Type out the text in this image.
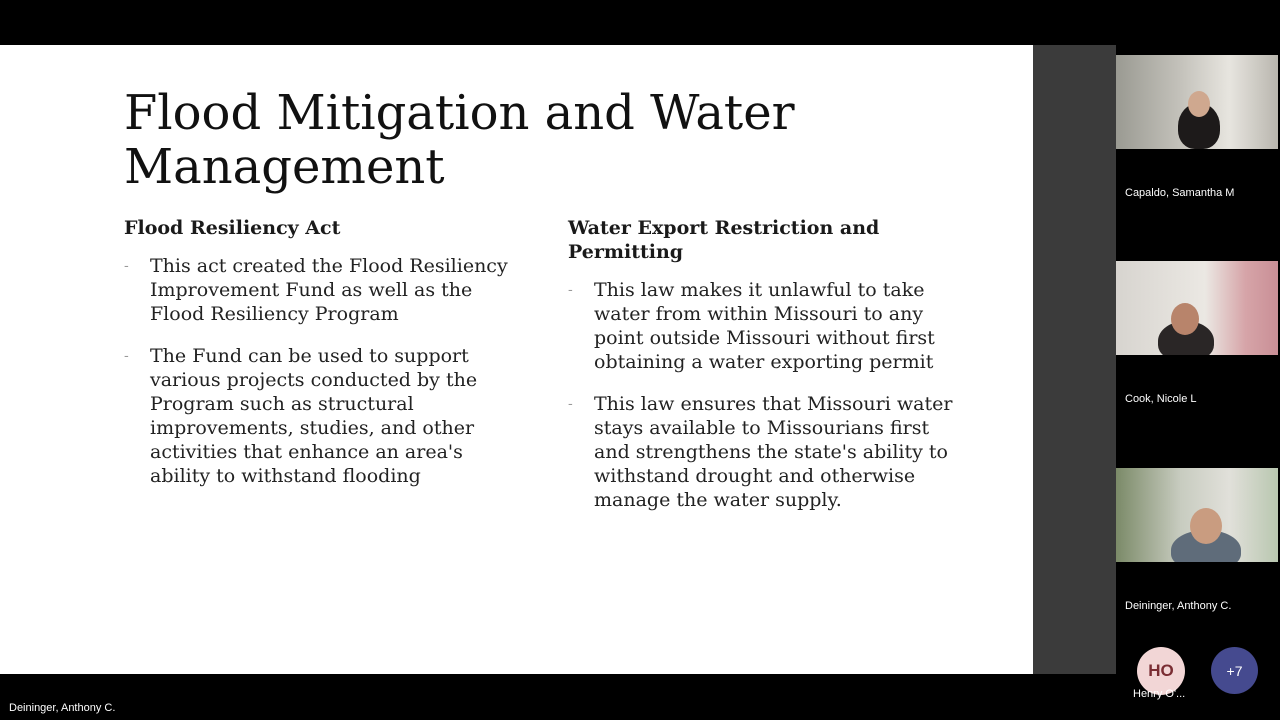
Flood Mitigation and Water Management
Flood Resiliency Act
- This act created the Flood Resiliency Improvement Fund as well as the Flood Resiliency Program
- The Fund can be used to support various projects conducted by the Program such as structural improvements, studies, and other activities that enhance an area's ability to withstand flooding
Water Export Restriction and Permitting
- This law makes it unlawful to take water from within Missouri to any point outside Missouri without first obtaining a water exporting permit
- This law ensures that Missouri water stays available to Missourians first and strengthens the state's ability to withstand drought and otherwise manage the water supply.
Capaldo, Samantha M
Cook, Nicole L
Deininger, Anthony C.
HO
Henry O'...
+7
Deininger, Anthony C.
